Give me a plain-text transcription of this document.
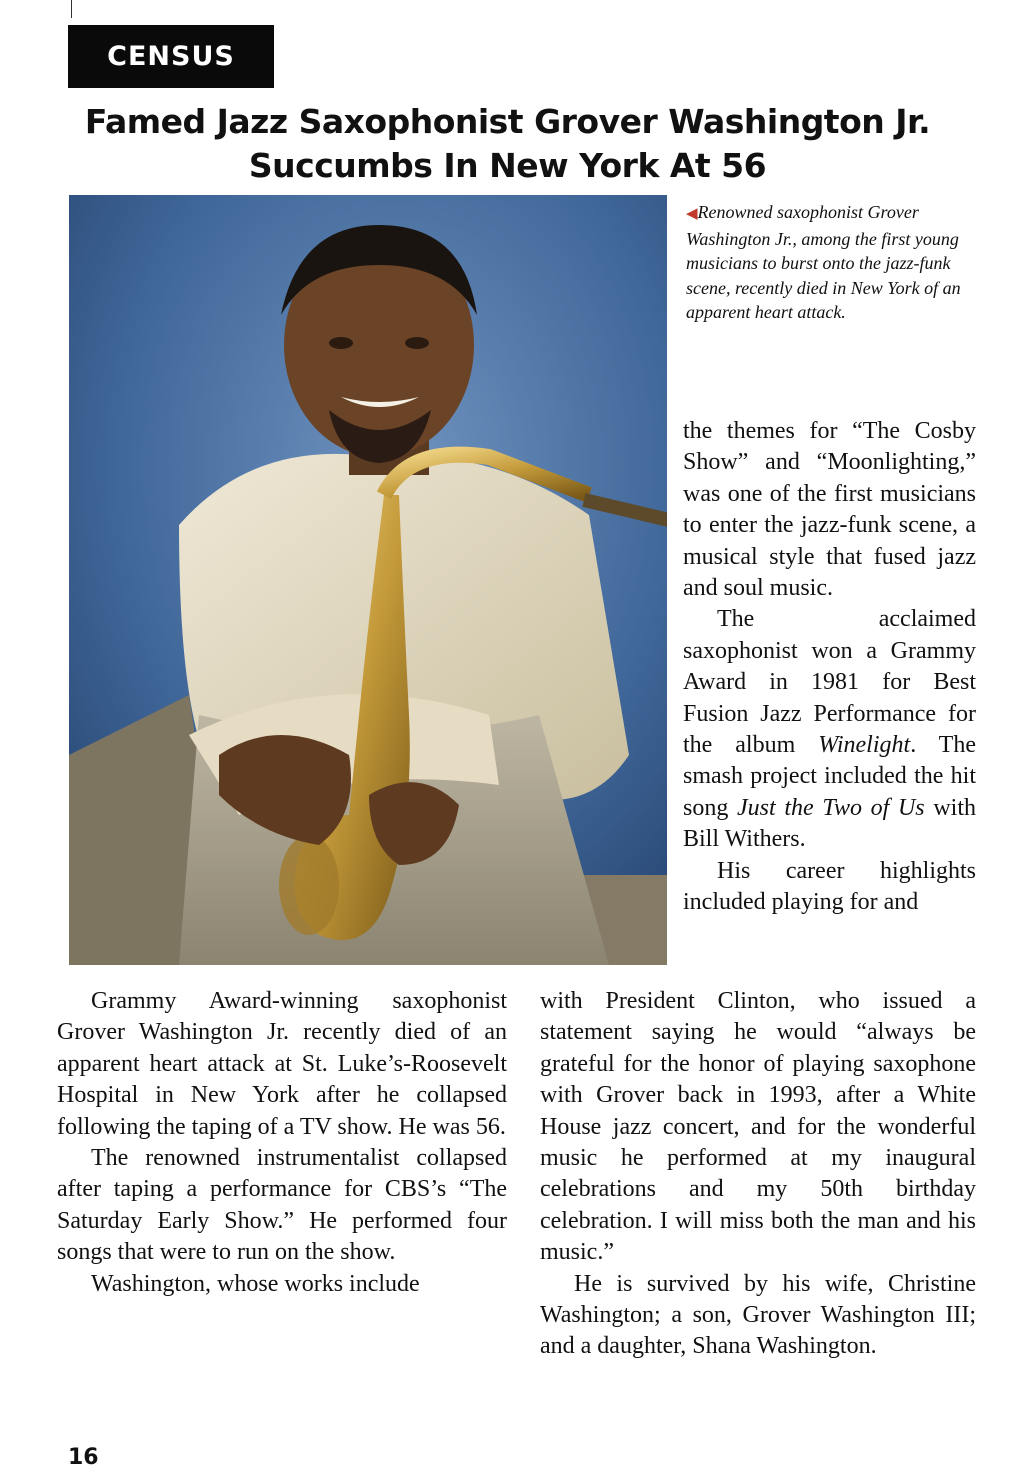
CENSUS
Famed Jazz Saxophonist Grover Washington Jr.
Succumbs In New York At 56

◀Renowned saxophonist Grover Washington Jr., among the first young musicians to burst onto the jazz-funk scene, recently died in New York of an apparent heart attack.

Grammy Award-winning saxophonist Grover Washington Jr. recently died of an apparent heart attack at St. Luke’s-Roosevelt Hospital in New York after he collapsed following the taping of a TV show. He was 56.

The renowned instrumentalist collapsed after taping a performance for CBS’s “The Saturday Early Show.” He performed four songs that were to run on the show.

Washington, whose works include

the themes for “The Cosby Show” and “Moonlighting,” was one of the first musicians to enter the jazz-funk scene, a musical style that fused jazz and soul music.

The acclaimed saxophonist won a Grammy Award in 1981 for Best Fusion Jazz Performance for the album Winelight. The smash project included the hit song Just the Two of Us with Bill Withers.

His career highlights included playing for and

with President Clinton, who issued a statement saying he would “always be grateful for the honor of playing saxophone with Grover back in 1993, after a White House jazz concert, and for the wonderful music he performed at my inaugural celebrations and my 50th birthday celebration. I will miss both the man and his music.”

He is survived by his wife, Christine Washington; a son, Grover Washington III; and a daughter, Shana Washington.

16
